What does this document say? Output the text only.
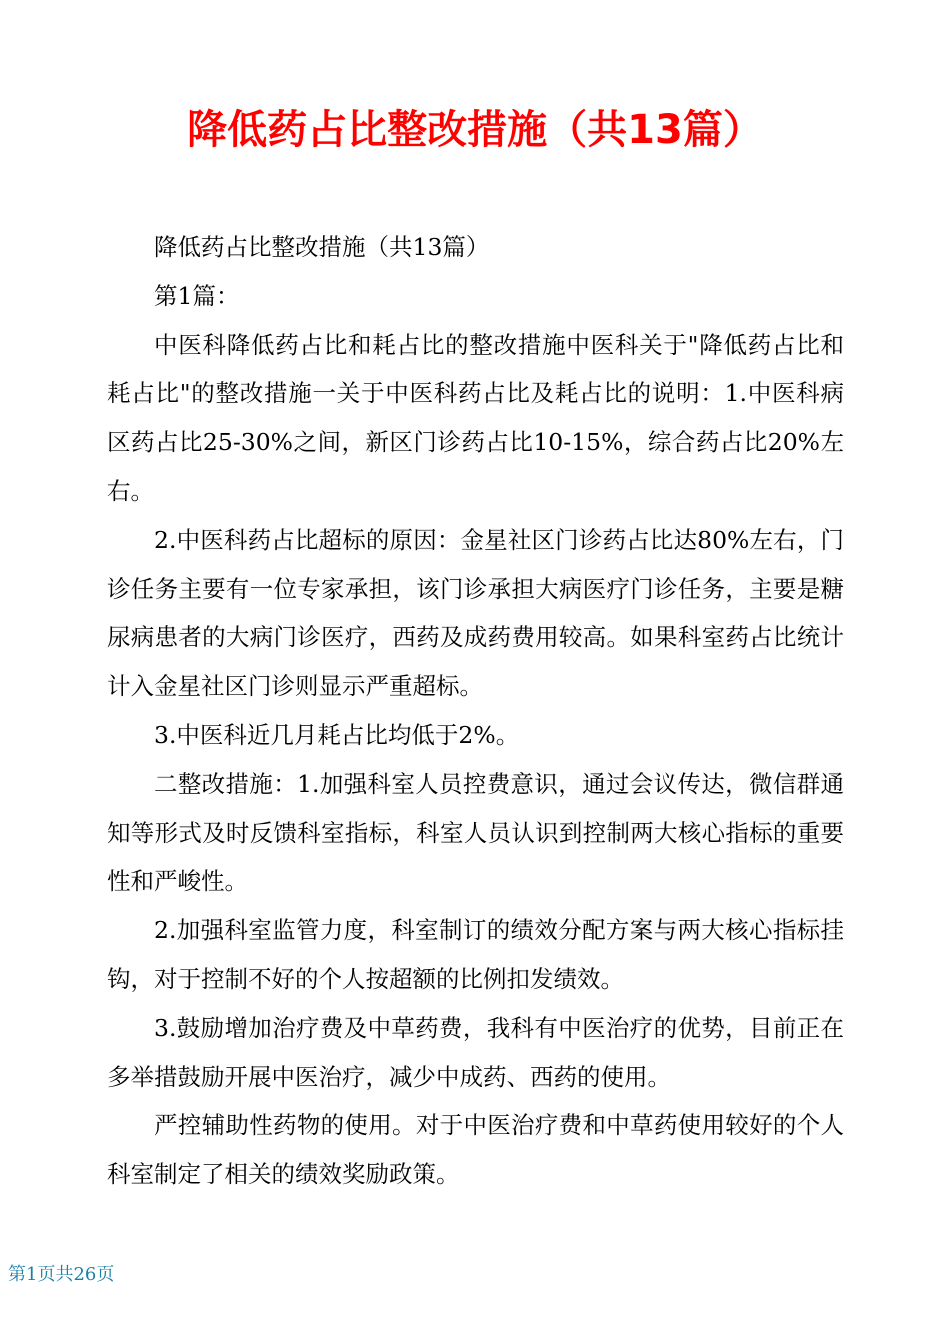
降低药占比整改措施（共13篇）

降低药占比整改措施（共13篇）

第1篇：

中医科降低药占比和耗占比的整改措施中医科关于"降低药占比和耗占比"的整改措施一关于中医科药占比及耗占比的说明：1.中医科病区药占比25-30%之间，新区门诊药占比10-15%，综合药占比20%左右。

2.中医科药占比超标的原因：金星社区门诊药占比达80%左右，门诊任务主要有一位专家承担，该门诊承担大病医疗门诊任务，主要是糖尿病患者的大病门诊医疗，西药及成药费用较高。如果科室药占比统计计入金星社区门诊则显示严重超标。

3.中医科近几月耗占比均低于2%。

二整改措施：1.加强科室人员控费意识，通过会议传达，微信群通知等形式及时反馈科室指标，科室人员认识到控制两大核心指标的重要性和严峻性。

2.加强科室监管力度，科室制订的绩效分配方案与两大核心指标挂钩，对于控制不好的个人按超额的比例扣发绩效。

3.鼓励增加治疗费及中草药费，我科有中医治疗的优势，目前正在多举措鼓励开展中医治疗，减少中成药、西药的使用。

严控辅助性药物的使用。对于中医治疗费和中草药使用较好的个人科室制定了相关的绩效奖励政策。

第1页共26页
